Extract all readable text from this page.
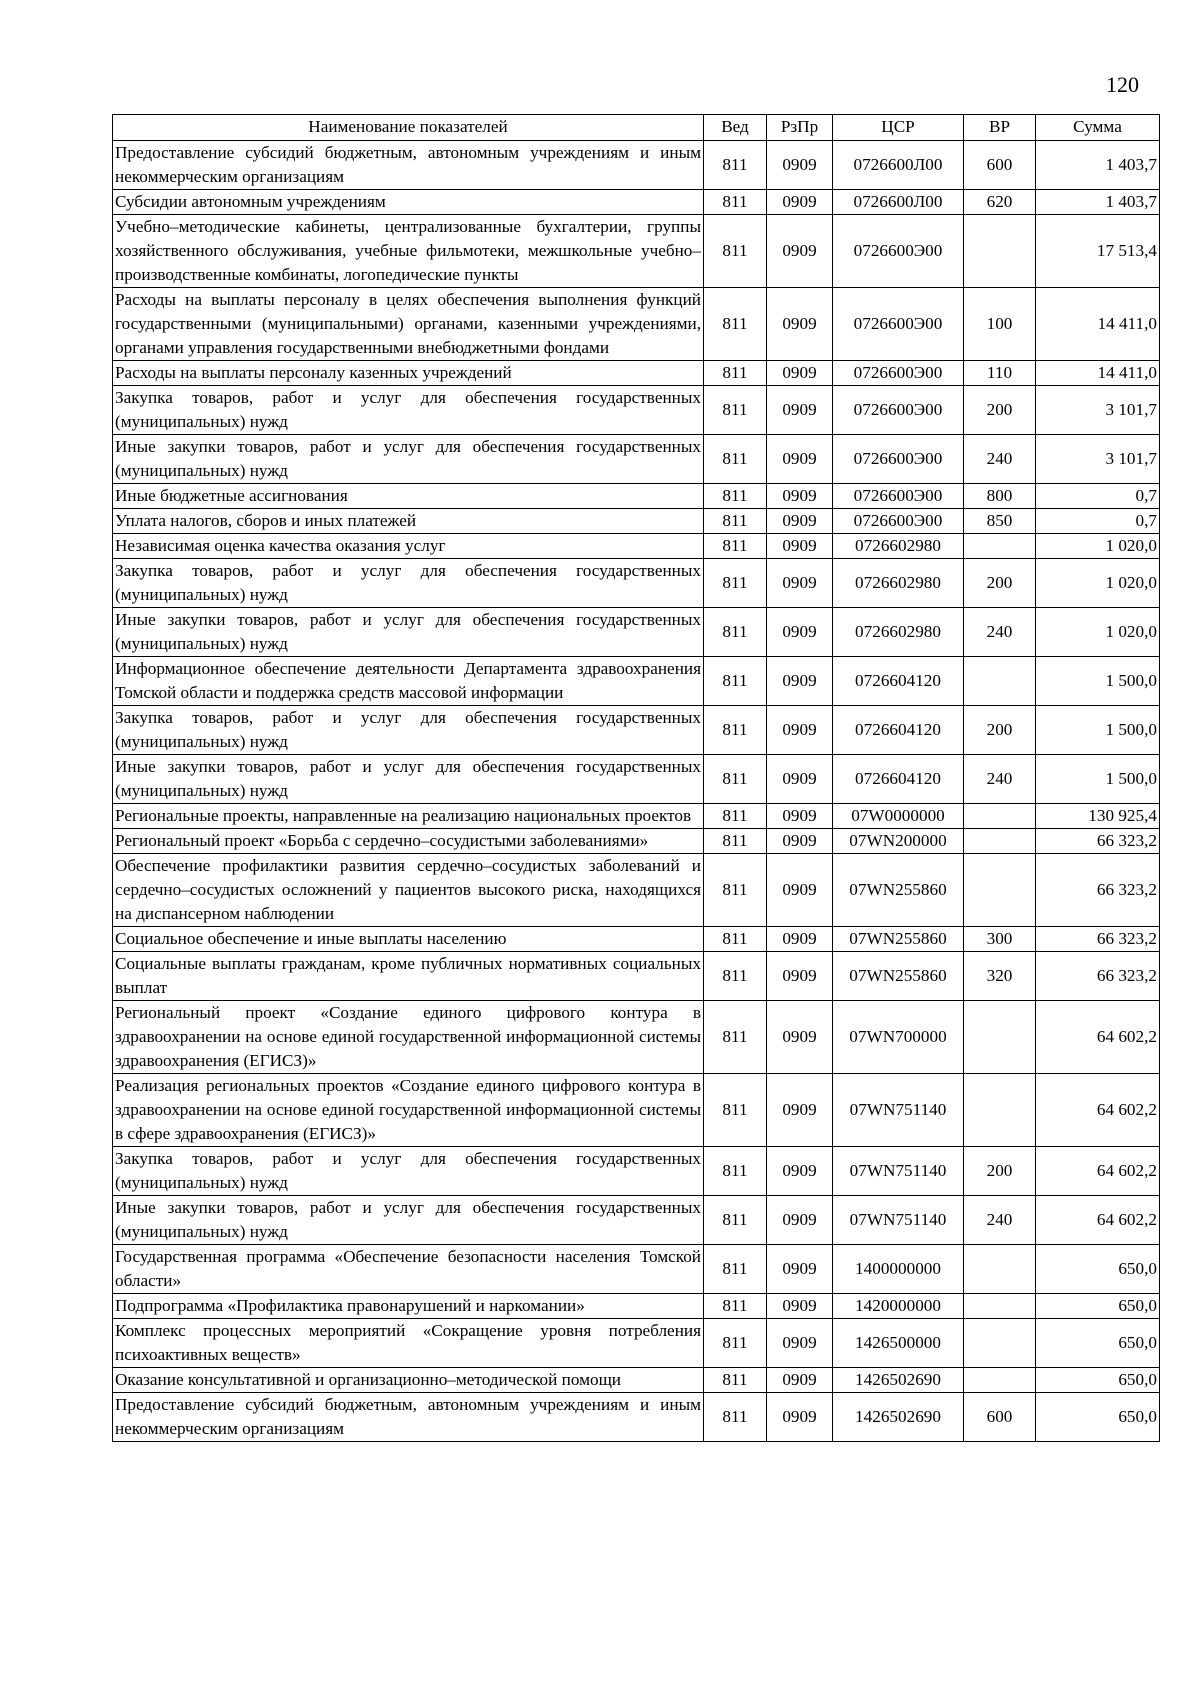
120
Наименование показателей	Вед	РзПр	ЦСР	ВР	Сумма
Предоставление субсидий бюджетным, автономным учреждениям и иным некоммерческим организациям	811	0909	0726600Л00	600	1 403,7
Субсидии автономным учреждениям	811	0909	0726600Л00	620	1 403,7
Учебно–методические кабинеты, централизованные бухгалтерии, группы хозяйственного обслуживания, учебные фильмотеки, межшкольные учебно–производственные комбинаты, логопедические пункты	811	0909	0726600Э00		17 513,4
Расходы на выплаты персоналу в целях обеспечения выполнения функций государственными (муниципальными) органами, казенными учреждениями, органами управления государственными внебюджетными фондами	811	0909	0726600Э00	100	14 411,0
Расходы на выплаты персоналу казенных учреждений	811	0909	0726600Э00	110	14 411,0
Закупка товаров, работ и услуг для обеспечения государственных (муниципальных) нужд	811	0909	0726600Э00	200	3 101,7
Иные закупки товаров, работ и услуг для обеспечения государственных (муниципальных) нужд	811	0909	0726600Э00	240	3 101,7
Иные бюджетные ассигнования	811	0909	0726600Э00	800	0,7
Уплата налогов, сборов и иных платежей	811	0909	0726600Э00	850	0,7
Независимая оценка качества оказания услуг	811	0909	0726602980		1 020,0
Закупка товаров, работ и услуг для обеспечения государственных (муниципальных) нужд	811	0909	0726602980	200	1 020,0
Иные закупки товаров, работ и услуг для обеспечения государственных (муниципальных) нужд	811	0909	0726602980	240	1 020,0
Информационное обеспечение деятельности Департамента здравоохранения Томской области и поддержка средств массовой информации	811	0909	0726604120		1 500,0
Закупка товаров, работ и услуг для обеспечения государственных (муниципальных) нужд	811	0909	0726604120	200	1 500,0
Иные закупки товаров, работ и услуг для обеспечения государственных (муниципальных) нужд	811	0909	0726604120	240	1 500,0
Региональные проекты, направленные на реализацию национальных проектов	811	0909	07W0000000		130 925,4
Региональный проект «Борьба с сердечно–сосудистыми заболеваниями»	811	0909	07WN200000		66 323,2
Обеспечение профилактики развития сердечно–сосудистых заболеваний и сердечно–сосудистых осложнений у пациентов высокого риска, находящихся на диспансерном наблюдении	811	0909	07WN255860		66 323,2
Социальное обеспечение и иные выплаты населению	811	0909	07WN255860	300	66 323,2
Социальные выплаты гражданам, кроме публичных нормативных социальных выплат	811	0909	07WN255860	320	66 323,2
Региональный проект «Создание единого цифрового контура в здравоохранении на основе единой государственной информационной системы здравоохранения (ЕГИСЗ)»	811	0909	07WN700000		64 602,2
Реализация региональных проектов «Создание единого цифрового контура в здравоохранении на основе единой государственной информационной системы в сфере здравоохранения (ЕГИСЗ)»	811	0909	07WN751140		64 602,2
Закупка товаров, работ и услуг для обеспечения государственных (муниципальных) нужд	811	0909	07WN751140	200	64 602,2
Иные закупки товаров, работ и услуг для обеспечения государственных (муниципальных) нужд	811	0909	07WN751140	240	64 602,2
Государственная программа «Обеспечение безопасности населения Томской области»	811	0909	1400000000		650,0
Подпрограмма «Профилактика правонарушений и наркомании»	811	0909	1420000000		650,0
Комплекс процессных мероприятий «Сокращение уровня потребления психоактивных веществ»	811	0909	1426500000		650,0
Оказание консультативной и организационно–методической помощи	811	0909	1426502690		650,0
Предоставление субсидий бюджетным, автономным учреждениям и иным некоммерческим организациям	811	0909	1426502690	600	650,0
